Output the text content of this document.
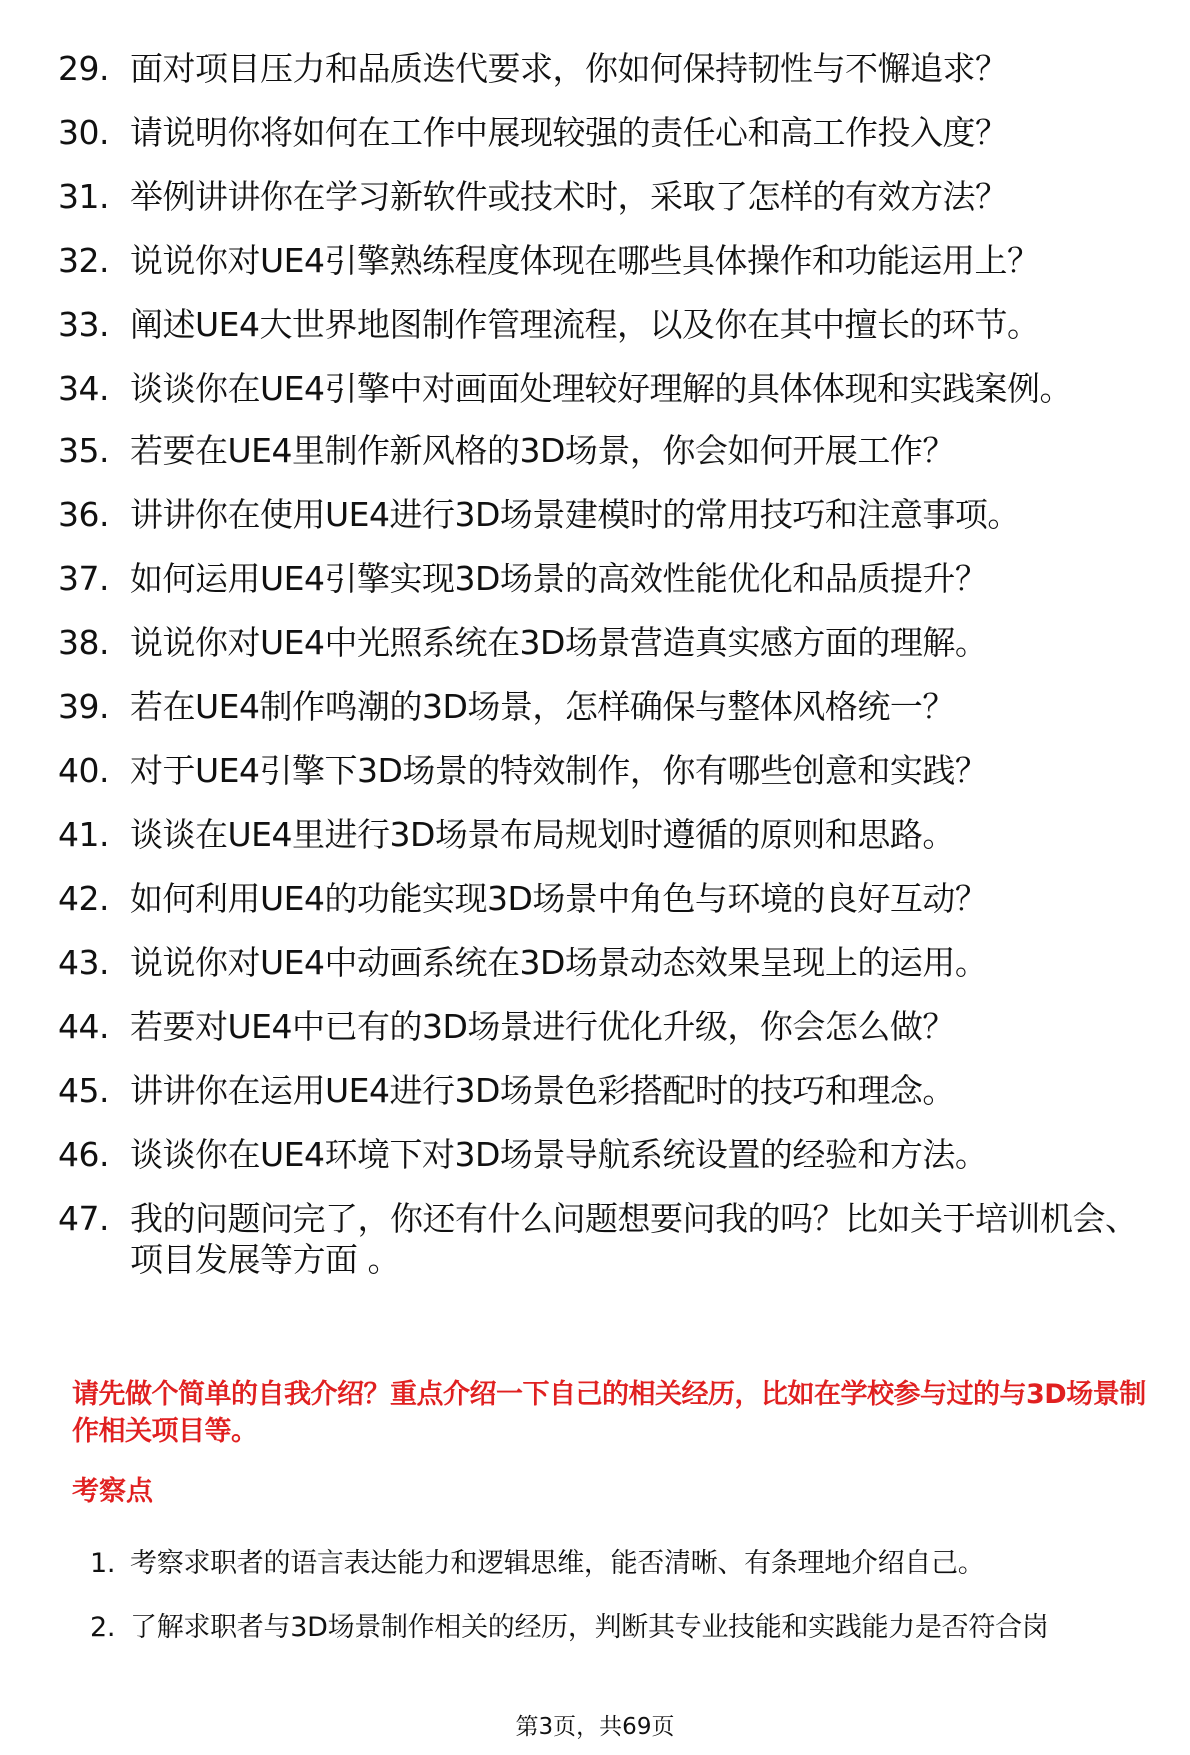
29. 面对项目压力和品质迭代要求，你如何保持韧性与不懈追求？
30. 请说明你将如何在工作中展现较强的责任心和高工作投入度？
31. 举例讲讲你在学习新软件或技术时，采取了怎样的有效方法？
32. 说说你对UE4引擎熟练程度体现在哪些具体操作和功能运用上？
33. 阐述UE4大世界地图制作管理流程，以及你在其中擅长的环节。
34. 谈谈你在UE4引擎中对画面处理较好理解的具体体现和实践案例。
35. 若要在UE4里制作新风格的3D场景，你会如何开展工作？
36. 讲讲你在使用UE4进行3D场景建模时的常用技巧和注意事项。
37. 如何运用UE4引擎实现3D场景的高效性能优化和品质提升？
38. 说说你对UE4中光照系统在3D场景营造真实感方面的理解。
39. 若在UE4制作鸣潮的3D场景，怎样确保与整体风格统一？
40. 对于UE4引擎下3D场景的特效制作，你有哪些创意和实践？
41. 谈谈在UE4里进行3D场景布局规划时遵循的原则和思路。
42. 如何利用UE4的功能实现3D场景中角色与环境的良好互动？
43. 说说你对UE4中动画系统在3D场景动态效果呈现上的运用。
44. 若要对UE4中已有的3D场景进行优化升级，你会怎么做？
45. 讲讲你在运用UE4进行3D场景色彩搭配时的技巧和理念。
46. 谈谈你在UE4环境下对3D场景导航系统设置的经验和方法。
47. 我的问题问完了，你还有什么问题想要问我的吗？比如关于培训机会、项目发展等方面 。
请先做个简单的自我介绍？重点介绍一下自己的相关经历，比如在学校参与过的与3D场景制作相关项目等。
考察点
1. 考察求职者的语言表达能力和逻辑思维，能否清晰、有条理地介绍自己。
2. 了解求职者与3D场景制作相关的经历，判断其专业技能和实践能力是否符合岗
第3页，共69页
